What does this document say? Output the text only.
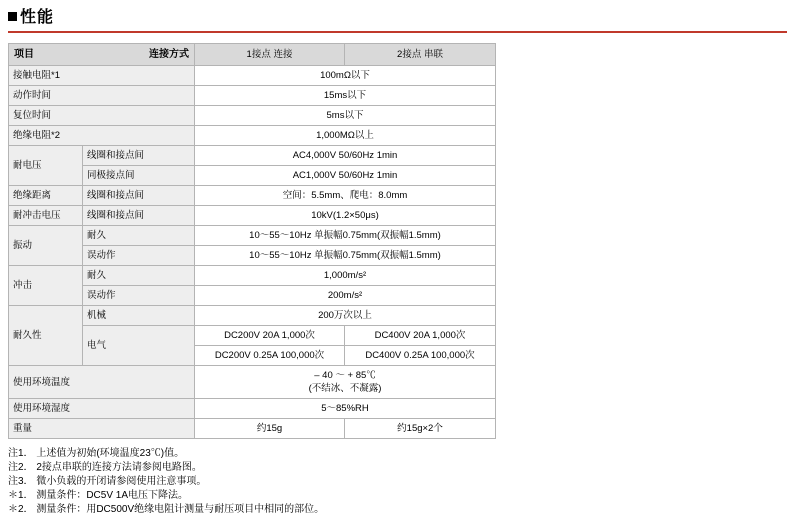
性能
项目 连接方式		1接点 连接	2接点 串联
接触电阻*1		100mΩ以下	
动作时间		15ms以下	
复位时间		5ms以下	
绝缘电阻*2		1,000MΩ以上	
耐电压	线圈和接点间	AC4,000V 50/60Hz 1min	
	同极接点间	AC1,000V 50/60Hz 1min	
绝缘距离	线圈和接点间	空间：5.5mm、爬电：8.0mm	
耐冲击电压	线圈和接点间	10kV(1.2×50μs)	
振动	耐久	10～55～10Hz 单振幅0.75mm(双振幅1.5mm)	
	误动作	10～55～10Hz 单振幅0.75mm(双振幅1.5mm)	
冲击	耐久	1,000m/s²	
	误动作	200m/s²	
耐久性	机械	200万次以上	
	电气	DC200V 20A 1,000次	DC400V 20A 1,000次
		DC200V 0.25A 100,000次	DC400V 0.25A 100,000次
使用环境温度		– 40 ～ + 85℃
(不结冰、不凝露)	

使用环境湿度		5～85%RH	
重量		约15g	约15g×2个
注1． 上述值为初始(环境温度23℃)值。
注2． 2接点串联的连接方法请参阅电路图。
注3． 微小负载的开闭请参阅使用注意事项。
＊1． 测量条件：DC5V 1A电压下降法。
＊2． 测量条件：用DC500V绝缘电阻计测量与耐压项目中相同的部位。
